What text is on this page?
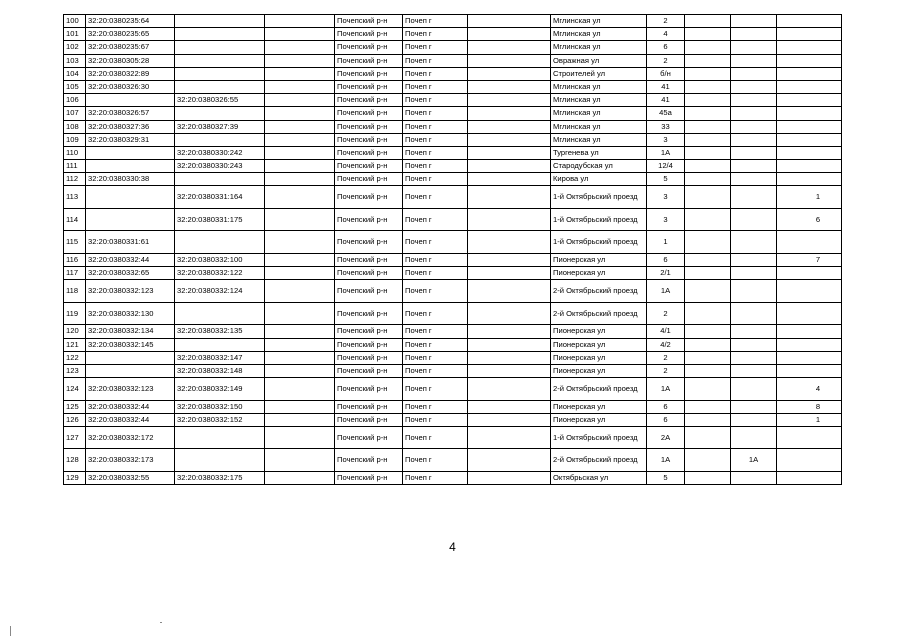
100	32:20:0380235:64			Почепский р-н	Почеп г		Мглинская ул	2			
101	32:20:0380235:65			Почепский р-н	Почеп г		Мглинская ул	4			
102	32:20:0380235:67			Почепский р-н	Почеп г		Мглинская ул	6			
103	32:20:0380305:28			Почепский р-н	Почеп г		Овражная ул	2			
104	32:20:0380322:89			Почепский р-н	Почеп г		Строителей ул	б/н			
105	32:20:0380326:30			Почепский р-н	Почеп г		Мглинская ул	41			
106		32:20:0380326:55		Почепский р-н	Почеп г		Мглинская ул	41			
107	32:20:0380326:57			Почепский р-н	Почеп г		Мглинская ул	45а			
108	32:20:0380327:36	32:20:0380327:39		Почепский р-н	Почеп г		Мглинская ул	33			
109	32:20:0380329:31			Почепский р-н	Почеп г		Мглинская ул	3			
110		32:20:0380330:242		Почепский р-н	Почеп г		Тургенева ул	1А			
111		32:20:0380330:243		Почепский р-н	Почеп г		Стародубская ул	12/4			
112	32:20:0380330:38			Почепский р-н	Почеп г		Кирова ул	5			
113		32:20:0380331:164		Почепский р-н	Почеп г		1-й Октябрьский проезд	3			1
114		32:20:0380331:175		Почепский р-н	Почеп г		1-й Октябрьский проезд	3			6
115	32:20:0380331:61			Почепский р-н	Почеп г		1-й Октябрьский проезд	1			
116	32:20:0380332:44	32:20:0380332:100		Почепский р-н	Почеп г		Пионерская ул	6			7
117	32:20:0380332:65	32:20:0380332:122		Почепский р-н	Почеп г		Пионерская ул	2/1			
118	32:20:0380332:123	32:20:0380332:124		Почепский р-н	Почеп г		2-й Октябрьский проезд	1А			
119	32:20:0380332:130			Почепский р-н	Почеп г		2-й Октябрьский проезд	2			
120	32:20:0380332:134	32:20:0380332:135		Почепский р-н	Почеп г		Пионерская ул	4/1			
121	32:20:0380332:145			Почепский р-н	Почеп г		Пионерская ул	4/2			
122		32:20:0380332:147		Почепский р-н	Почеп г		Пионерская ул	2			
123		32:20:0380332:148		Почепский р-н	Почеп г		Пионерская ул	2			
124	32:20:0380332:123	32:20:0380332:149		Почепский р-н	Почеп г		2-й Октябрьский проезд	1А			4
125	32:20:0380332:44	32:20:0380332:150		Почепский р-н	Почеп г		Пионерская ул	6			8
126	32:20:0380332:44	32:20:0380332:152		Почепский р-н	Почеп г		Пионерская ул	6			1
127	32:20:0380332:172			Почепский р-н	Почеп г		1-й Октябрьский проезд	2А			
128	32:20:0380332:173			Почепский р-н	Почеп г		2-й Октябрьский проезд	1А		1А	
129	32:20:0380332:55	32:20:0380332:175		Почепский р-н	Почеп г		Октябрьская ул	5			
4
